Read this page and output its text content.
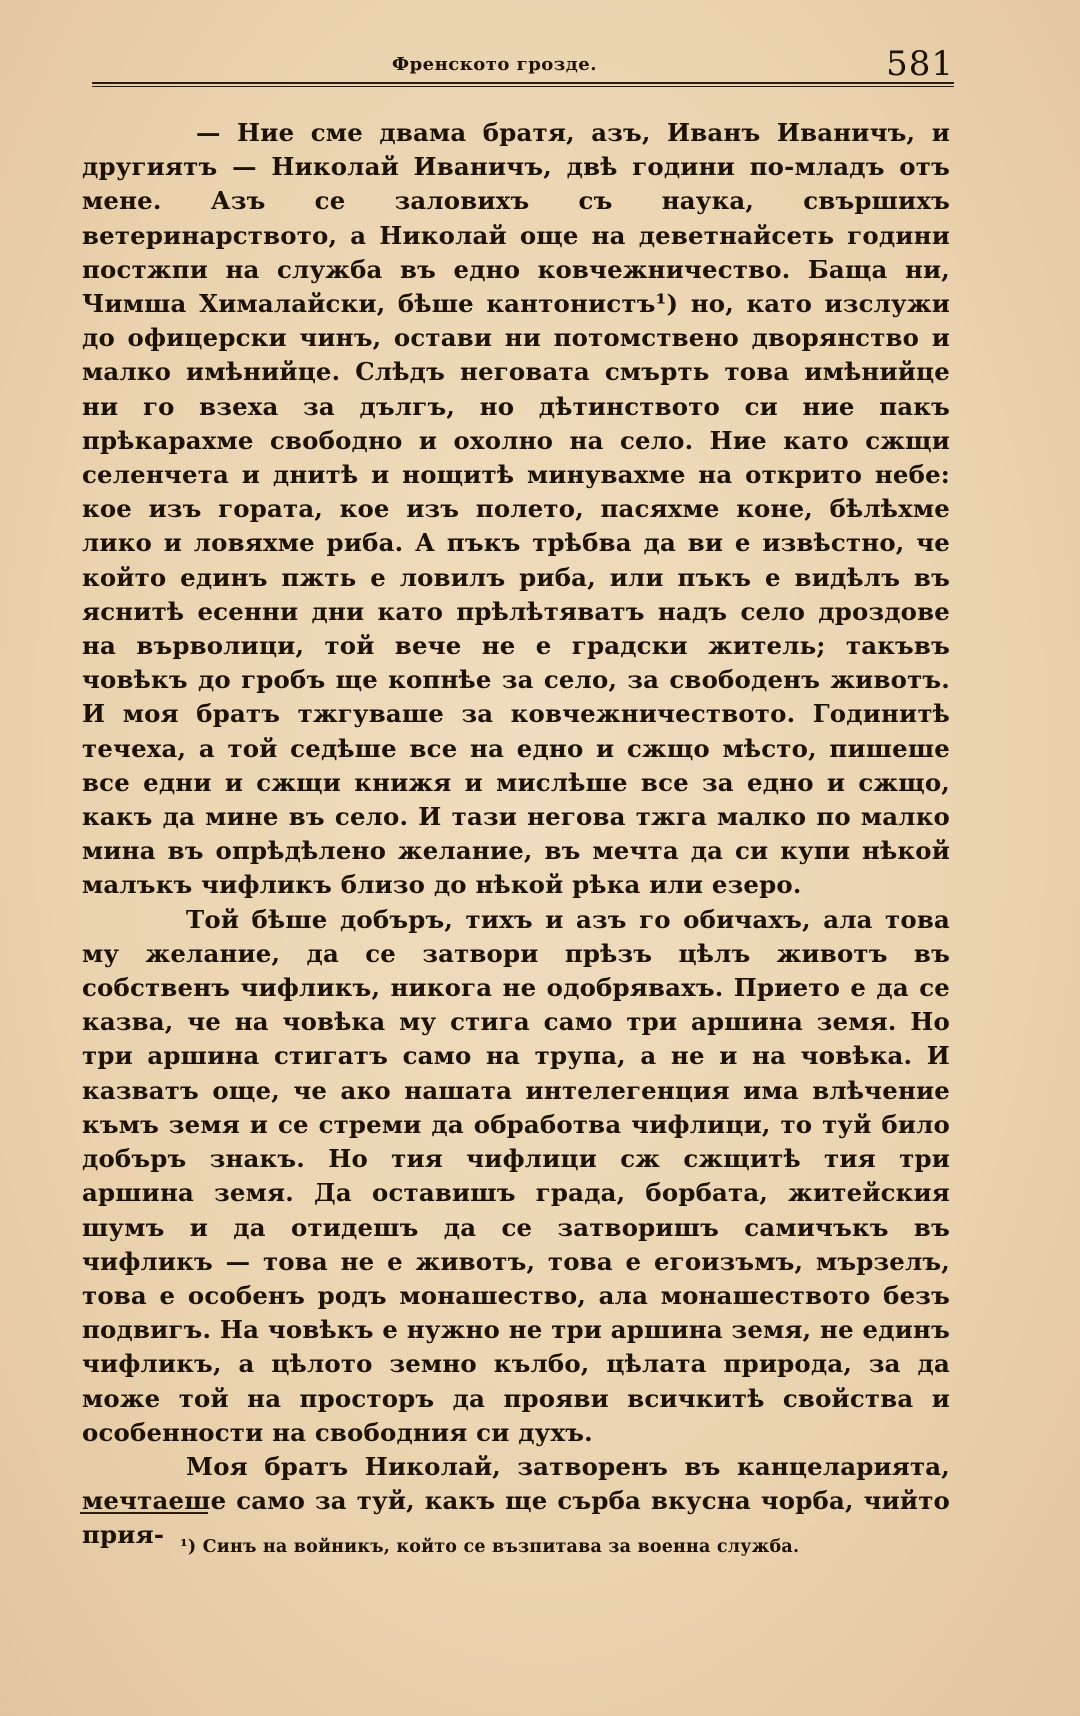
Френското гроздe.	581

— Ние сме двама братя, азъ, Иванъ Иваничъ, и другиятъ — Николай Иваничъ, двѣ години по-младъ отъ мене. Азъ се заловихъ съ наука, свършихъ ветеринарството, а Николай още на деветнайсеть години постжпи на служба въ едно ковчежничество. Баща ни, Чимша Хималайски, бѣше кантонистъ¹) но, като изслужи до офицерски чинъ, остави ни потомствено дворянство и малко имѣнийце. Слѣдъ неговата смърть това имѣнийце ни го взеха за дългъ, но дѣтинството си ние пакъ прѣкарахме свободно и охолно на село. Ние като сжщи селенчета и днитѣ и нощитѣ минувахме на открито небе: кое изъ гората, кое изъ полето, пасяхме коне, бѣлѣхме лико и ловяхме риба. А пъкъ трѣбва да ви е извѣстно, че който единъ пжть е ловилъ риба, или пъкъ е видѣлъ въ яснитѣ есенни дни като прѣлѣтяватъ надъ село дроздове на върволици, той вече не е градски житель; такъвъ човѣкъ до гробъ ще копнѣе за село, за свободенъ животъ. И моя братъ тжгуваше за ковчежничеството. Годинитѣ течеха, а той седѣше все на едно и сжщо мѣсто, пишеше все едни и сжщи книжя и мислѣше все за едно и сжщо, какъ да мине въ село. И тази негова тжга малко по малко мина въ опрѣдѣлено желание, въ мечта да си купи нѣкой малъкъ чифликъ близо до нѣкой рѣка или езеро.

Той бѣше добъръ, тихъ и азъ го обичахъ, ала това му желание, да се затвори прѣзъ цѣлъ животъ въ собственъ чифликъ, никога не одобрявахъ. Прието е да се казва, че на човѣка му стига само три аршина земя. Но три аршина стигатъ само на трупа, а не и на човѣка. И казватъ още, че ако нашата интелегенция има влѣчение къмъ земя и се стреми да обработва чифлици, то туй било добъръ знакъ. Но тия чифлици сж сжщитѣ тия три аршина земя. Да оставишъ града, борбата, житейския шумъ и да отидешъ да се затворишъ самичъкъ въ чифликъ — това не е животъ, това е егоизъмъ, мързелъ, това е особенъ родъ монашество, ала монашеството безъ подвигъ. На човѣкъ е нужно не три аршина земя, не единъ чифликъ, а цѣлото земно кълбо, цѣлата природа, за да може той на просторъ да прояви всичкитѣ свойства и особенности на свободния си духъ.

Моя братъ Николай, затворенъ въ канцеларията, мечтаеше само за туй, какъ ще сърба вкусна чорба, чийто прия- ¹) Синъ на войникъ, който се възпитава за военна служба.
